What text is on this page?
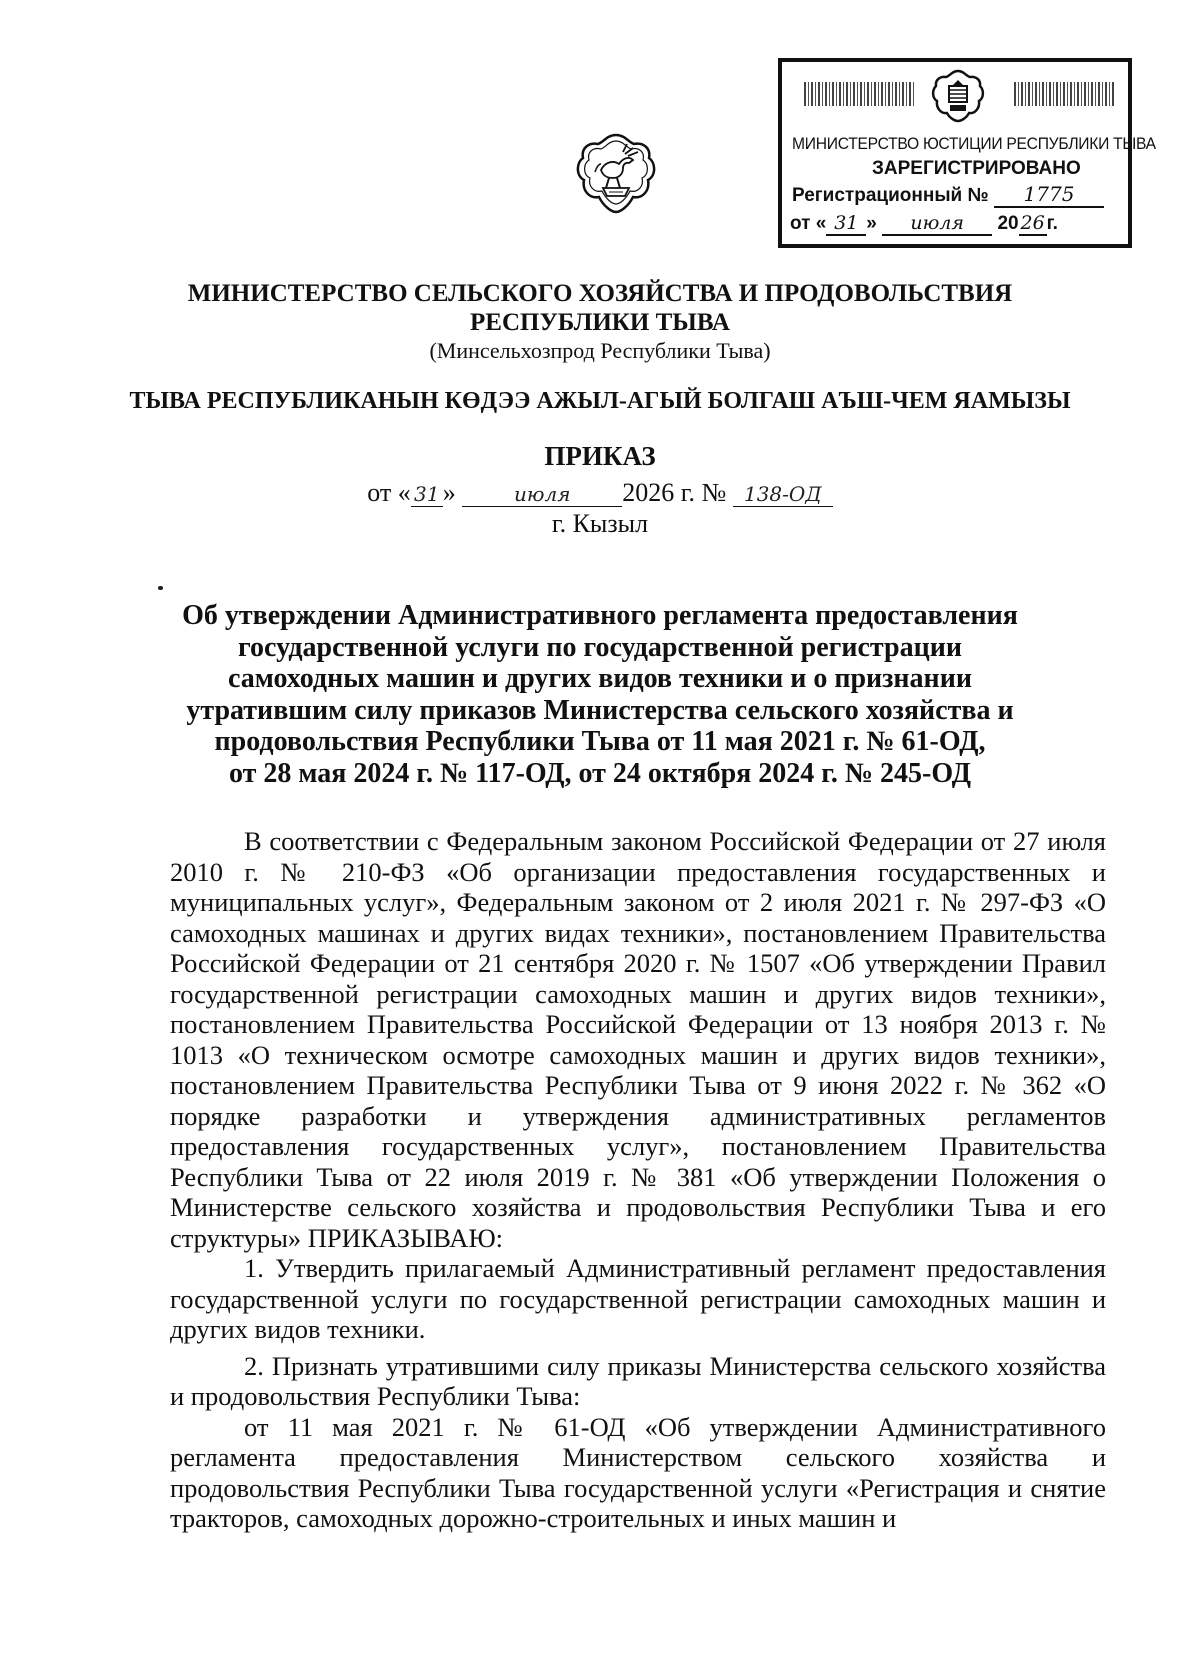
МИНИСТЕРСТВО ЮСТИЦИИ РЕСПУБЛИКИ ТЫВА
ЗАРЕГИСТРИРОВАНО
Регистрационный № 1775
от « 31 » июля 20 26 г.
МИНИСТЕРСТВО СЕЛЬСКОГО ХОЗЯЙСТВА И ПРОДОВОЛЬСТВИЯ
РЕСПУБЛИКИ ТЫВА
(Минсельхозпрод Республики Тыва)
ТЫВА РЕСПУБЛИКАНЫН КӨДЭЭ АЖЫЛ-АГЫЙ БОЛГАШ АЪШ-ЧЕМ ЯАМЫЗЫ
ПРИКАЗ
от « 31 »	июля 2026 г. № 138-ОД
г. Кызыл
Об утверждении Административного регламента предоставления
государственной услуги по государственной регистрации
самоходных машин и других видов техники и о признании
утратившим силу приказов Министерства сельского хозяйства и
продовольствия Республики Тыва от 11 мая 2021 г. № 61-ОД,
от 28 мая 2024 г. № 117-ОД, от 24 октября 2024 г. № 245-ОД

В соответствии с Федеральным законом Российской Федерации от 27 июля 2010 г. № 210-ФЗ «Об организации предоставления государственных и муниципальных услуг», Федеральным законом от 2 июля 2021 г. № 297-ФЗ «О самоходных машинах и других видах техники», постановлением Правительства Российской Федерации от 21 сентября 2020 г. № 1507 «Об утверждении Правил государственной регистрации самоходных машин и других видов техники», постановлением Правительства Российской Федерации от 13 ноября 2013 г. № 1013 «О техническом осмотре самоходных машин и других видов техники», постановлением Правительства Республики Тыва от 9 июня 2022 г. № 362 «О порядке разработки и утверждения административных регламентов предоставления государственных услуг», постановлением Правительства Республики Тыва от 22 июля 2019 г. № 381 «Об утверждении Положения о Министерстве сельского хозяйства и продовольствия Республики Тыва и его структуры» ПРИКАЗЫВАЮ:

1. Утвердить прилагаемый Административный регламент предоставления государственной услуги по государственной регистрации самоходных машин и других видов техники.

2. Признать утратившими силу приказы Министерства сельского хозяйства и продовольствия Республики Тыва:

от 11 мая 2021 г. № 61-ОД «Об утверждении Административного регламента предоставления Министерством сельского хозяйства и продовольствия Республики Тыва государственной услуги «Регистрация и снятие тракторов, самоходных дорожно-строительных и иных машин и
